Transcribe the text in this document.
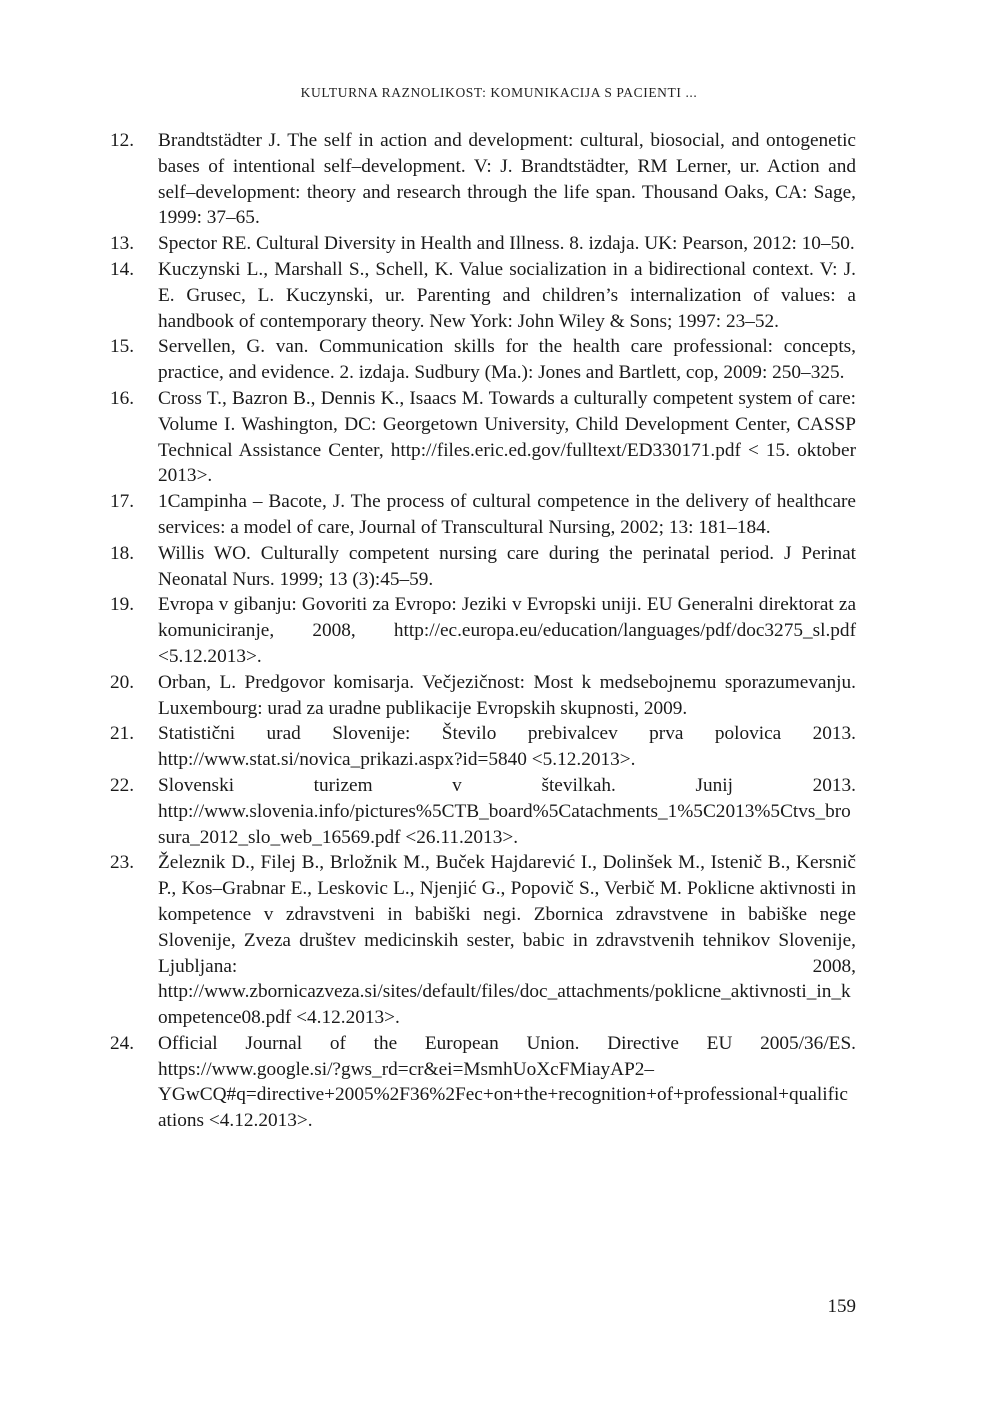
KULTURNA RAZNOLIKOST: KOMUNIKACIJA S PACIENTI ...
12.	Brandtstädter J. The self in action and development: cultural, biosocial, and ontogenetic bases of intentional self–development. V: J. Brandtstädter, RM Lerner, ur. Action and self–development: theory and research through the life span. Thousand Oaks, CA: Sage, 1999: 37–65.
13.	Spector RE. Cultural Diversity in Health and Illness. 8. izdaja. UK: Pearson, 2012: 10–50.
14.	Kuczynski L., Marshall S., Schell, K. Value socialization in a bidirectional context. V: J. E. Grusec, L. Kuczynski, ur. Parenting and children’s internalization of values: a handbook of contemporary theory. New York: John Wiley & Sons; 1997: 23–52.
15.	Servellen, G. van. Communication skills for the health care professional: concepts, practice, and evidence. 2. izdaja. Sudbury (Ma.): Jones and Bartlett, cop, 2009: 250–325.
16.	Cross T., Bazron B., Dennis K., Isaacs M. Towards a culturally competent system of care: Volume I. Washington, DC: Georgetown University, Child Development Center, CASSP Technical Assistance Center, http://files.eric.ed.gov/fulltext/ED330171.pdf < 15. oktober 2013>.
17.	1Campinha – Bacote, J. The process of cultural competence in the delivery of healthcare services: a model of care, Journal of Transcultural Nursing, 2002; 13: 181–184.
18.	Willis WO. Culturally competent nursing care during the perinatal period. J Perinat Neonatal Nurs. 1999; 13 (3):45–59.
19.	Evropa v gibanju: Govoriti za Evropo: Jeziki v Evropski uniji. EU Generalni direktorat za komuniciranje, 2008, http://ec.europa.eu/education/languages/pdf/doc3275_sl.pdf <5.12.2013>.
20.	Orban, L. Predgovor komisarja. Večjezičnost: Most k medsebojnemu sporazumevanju. Luxembourg: urad za uradne publikacije Evropskih skupnosti, 2009.
21.	Statistični urad Slovenije: Število prebivalcev prva polovica 2013. http://www.stat.si/novica_prikazi.aspx?id=5840 <5.12.2013>.
22.	Slovenski turizem v številkah. Junij 2013. http://www.slovenia.info/pictures%5CTB_board%5Catachments_1%5C2013%5Ctvs_brosura_2012_slo_web_16569.pdf <26.11.2013>.
23.	Železnik D., Filej B., Brložnik M., Buček Hajdarević I., Dolinšek M., Istenič B., Kersnič P., Kos–Grabnar E., Leskovic L., Njenjić G., Popovič S., Verbič M. Poklicne aktivnosti in kompetence v zdravstveni in babiški negi. Zbornica zdravstvene in babiške nege Slovenije, Zveza društev medicinskih sester, babic in zdravstvenih tehnikov Slovenije, Ljubljana: 2008, http://www.zbornicazveza.si/sites/default/files/doc_attachments/poklicne_aktivnosti_in_kompetence08.pdf <4.12.2013>.
24.	Official Journal of the European Union. Directive EU 2005/36/ES. https://www.google.si/?gws_rd=cr&ei=MsmhUoXcFMiayAP2–YGwCQ#q=directive+2005%2F36%2Fec+on+the+recognition+of+professional+qualifications <4.12.2013>.
159
